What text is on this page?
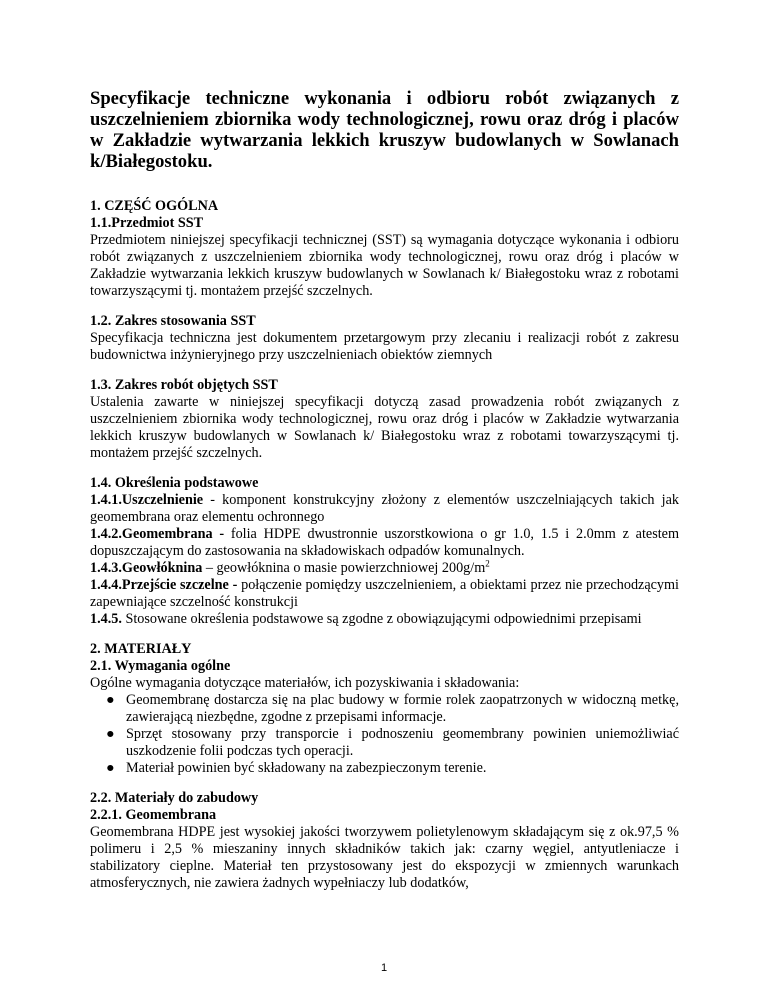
Specyfikacje techniczne wykonania i odbioru robót związanych z uszczelnieniem zbiornika wody technologicznej, rowu oraz dróg i placów w Zakładzie wytwarzania lekkich kruszyw budowlanych w Sowlanach k/Białegostoku.
1. CZĘŚĆ OGÓLNA
1.1.Przedmiot SST
Przedmiotem niniejszej specyfikacji technicznej (SST) są wymagania dotyczące wykonania i odbioru robót związanych z uszczelnieniem zbiornika wody technologicznej, rowu oraz dróg i placów w Zakładzie wytwarzania lekkich kruszyw budowlanych w Sowlanach k/ Białegostoku wraz z robotami towarzyszącymi tj. montażem przejść szczelnych.
1.2. Zakres stosowania SST
Specyfikacja techniczna jest dokumentem przetargowym przy zlecaniu i realizacji robót z zakresu budownictwa inżynieryjnego przy uszczelnieniach obiektów ziemnych
1.3. Zakres robót objętych SST
Ustalenia zawarte w niniejszej specyfikacji dotyczą zasad prowadzenia robót związanych z uszczelnieniem zbiornika wody technologicznej, rowu oraz dróg i placów w Zakładzie wytwarzania lekkich kruszyw budowlanych w Sowlanach k/ Białegostoku wraz z robotami towarzyszącymi tj. montażem przejść szczelnych.
1.4. Określenia podstawowe
1.4.1.Uszczelnienie - komponent konstrukcyjny złożony z elementów uszczelniających takich jak geomembrana oraz elementu ochronnego
1.4.2.Geomembrana - folia HDPE dwustronnie uszorstkowiona o gr 1.0, 1.5 i 2.0mm z atestem dopuszczającym do zastosowania na składowiskach odpadów komunalnych.
1.4.3.Geowłóknina – geowłóknina o masie powierzchniowej $200g/m^2$
1.4.4.Przejście szczelne - połączenie pomiędzy uszczelnieniem, a obiektami przez nie przechodzącymi zapewniające szczelność konstrukcji
1.4.5. Stosowane określenia podstawowe są zgodne z obowiązującymi odpowiednimi przepisami
2. MATERIAŁY
2.1. Wymagania ogólne
Ogólne wymagania dotyczące materiałów, ich pozyskiwania i składowania:
● Geomembranę dostarcza się na plac budowy w formie rolek zaopatrzonych w widoczną metkę, zawierającą niezbędne, zgodne z przepisami informacje.
● Sprzęt stosowany przy transporcie i podnoszeniu geomembrany powinien uniemożliwiać uszkodzenie folii podczas tych operacji.
● Materiał powinien być składowany na zabezpieczonym terenie.
2.2. Materiały do zabudowy
2.2.1. Geomembrana
Geomembrana HDPE jest wysokiej jakości tworzywem polietylenowym składającym się z ok.97,5 % polimeru i 2,5 % mieszaniny innych składników takich jak: czarny węgiel, antyutleniacze i stabilizatory cieplne. Materiał ten przystosowany jest do ekspozycji w zmiennych warunkach atmosferycznych, nie zawiera żadnych wypełniaczy lub dodatków,
1
